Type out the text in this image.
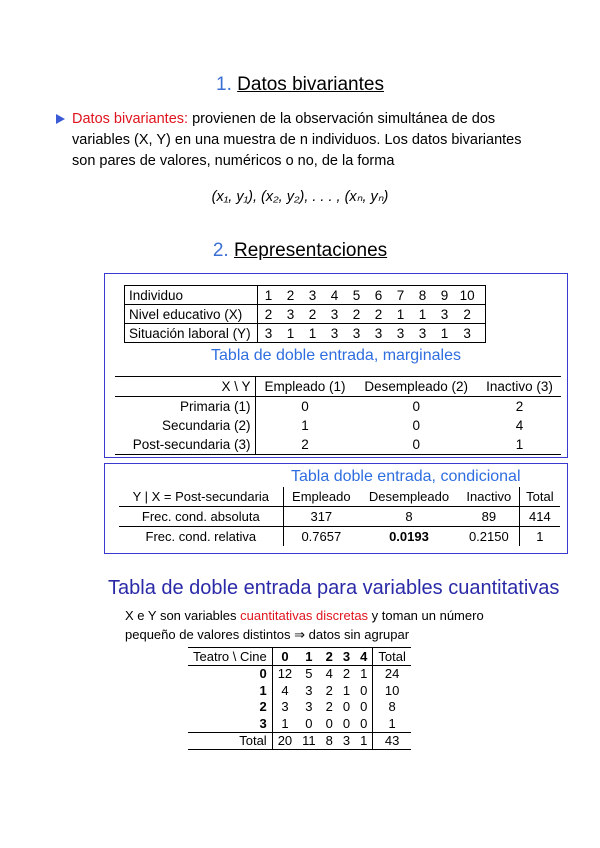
1. Datos bivariantes
Datos bivariantes: provienen de la observación simultánea de dos variables (X, Y) en una muestra de n individuos. Los datos bivariantes son pares de valores, numéricos o no, de la forma
(x₁, y₁), (x₂, y₂), . . . , (xₙ, yₙ)
2. Representaciones
Individuo	1	2	3	4	5	6	7	8	9	10
Nivel educativo (X)	2	3	2	3	2	2	1	1	3	2
Situación laboral (Y)	3	1	1	3	3	3	3	3	1	3
Tabla de doble entrada, marginales
X \ Y	Empleado (1)	Desempleado (2)	Inactivo (3)
Primaria (1)	0	0	2
Secundaria (2)	1	0	4
Post-secundaria (3)	2	0	1
Tabla doble entrada, condicional
Y | X = Post-secundaria	Empleado	Desempleado	Inactivo	Total
Frec. cond. absoluta	317	8	89	414
Frec. cond. relativa	0.7657	0.0193	0.2150	1
Tabla de doble entrada para variables cuantitativas
X e Y son variables cuantitativas discretas y toman un número pequeño de valores distintos ⇒ datos sin agrupar
Teatro \ Cine	0	1	2	3	4	Total
0	12	5	4	2	1	24
1	4	3	2	1	0	10
2	3	3	2	0	0	8
3	1	0	0	0	0	1
Total	20	11	8	3	1	43
